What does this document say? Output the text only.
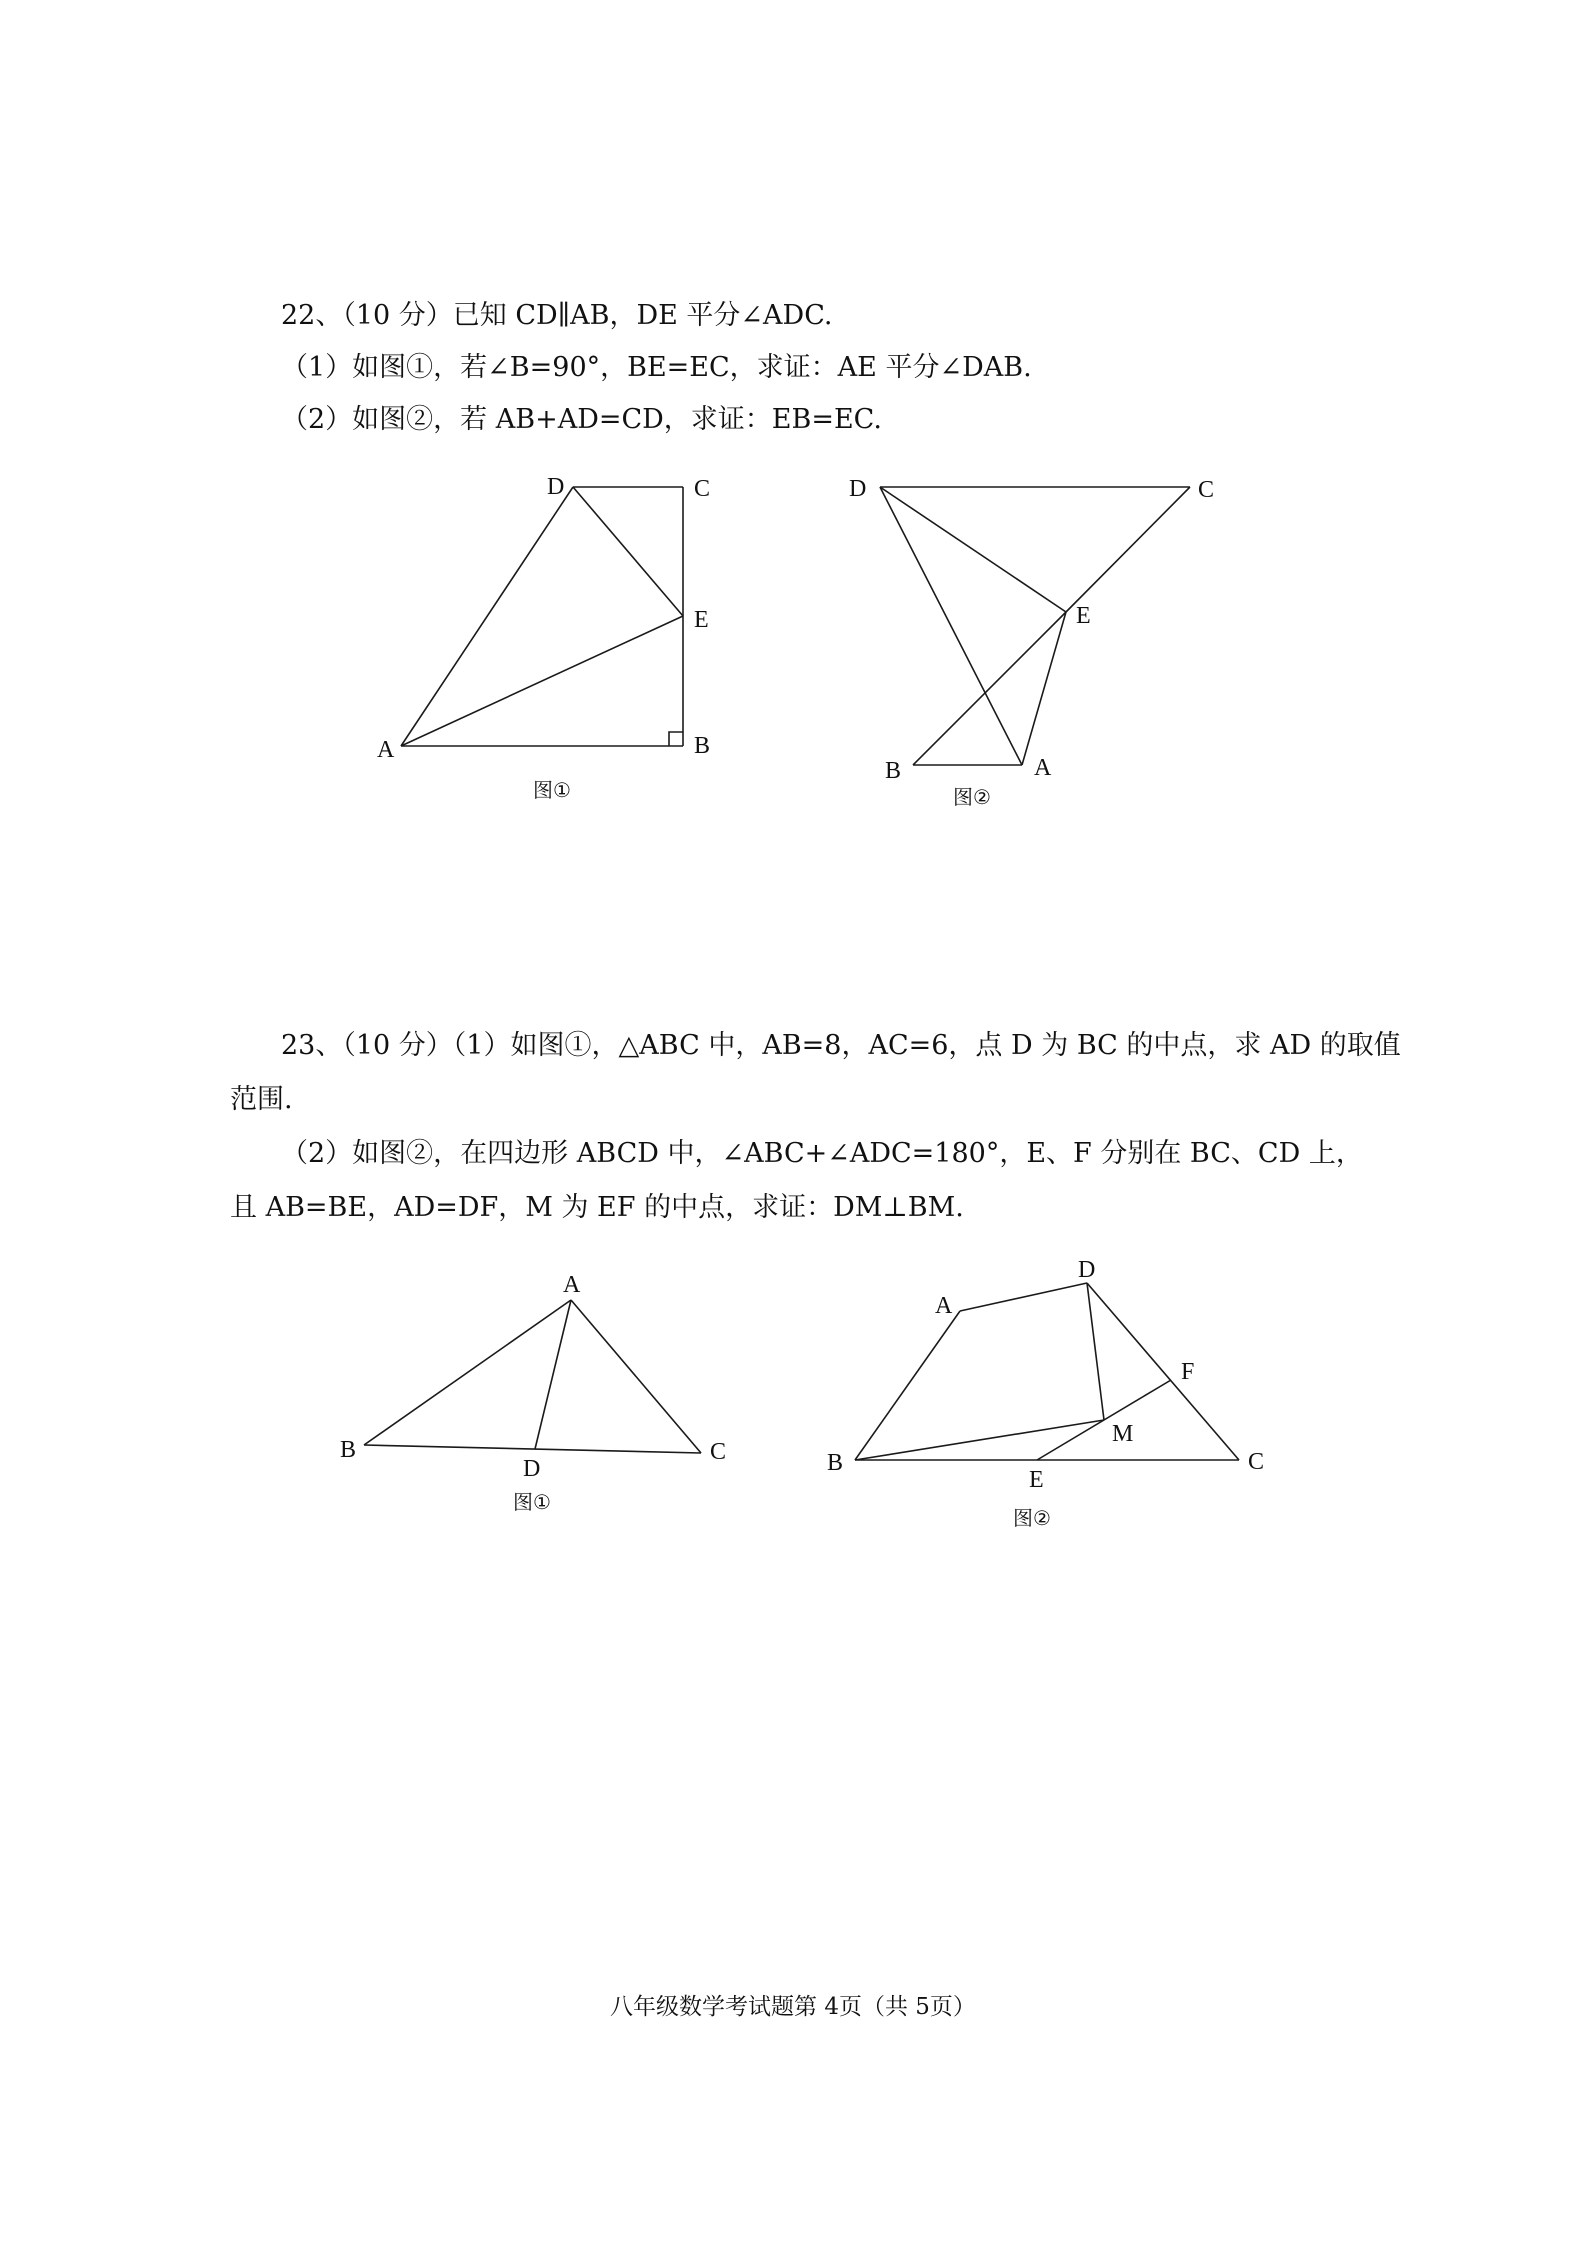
22、（10 分）已知 CD∥AB，DE 平分∠ADC.
（1）如图①，若∠B=90°，BE=EC，求证：AE 平分∠DAB.
（2）如图②，若 AB+AD=CD，求证：EB=EC.
D	C
E
B
A
图①
D	C
E
B	A
图②
23、（10 分）（1）如图①，△ABC 中，AB=8，AC=6，点 D 为 BC 的中点，求 AD 的取值
范围.
（2）如图②，在四边形 ABCD 中，∠ABC+∠ADC=180°，E、F 分别在 BC、CD 上，
且 AB=BE，AD=DF，M 为 EF 的中点，求证：DM⊥BM.
A
B	C
D
图①
D
A
F
M
B
E
C
图②
八年级数学考试题第 4页（共 5页）
